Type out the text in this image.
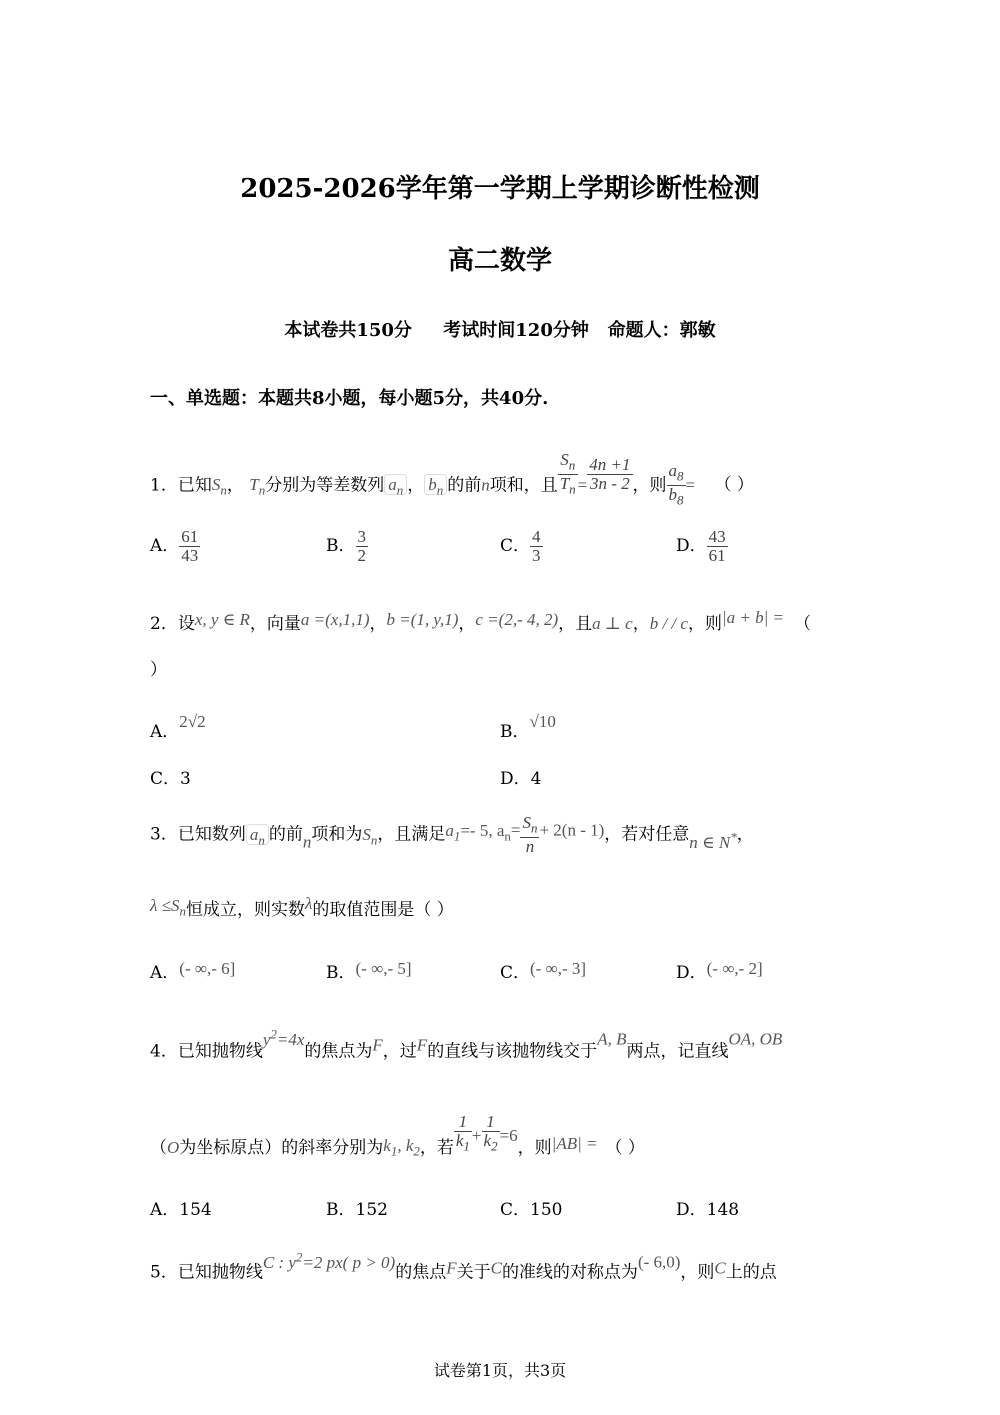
2025-2026学年第一学期上学期诊断性检测
高二数学
本试卷共150分     考试时间120分钟   命题人：郭敏
一、单选题：本题共8小题，每小题5分，共40分.
1．已知$S_n$， $T_n$分别为等差数列 $a_n$ ， $b_n$ 的前n项和，且 $\frac{S_n}{T_n} = \frac{4n +1}{3n - 2}$ ，则 $\frac{a_8}{b_8}$ = （ ）
A． $\frac{61}{43}$	B． $\frac{3}{2}$	C． $\frac{4}{3}$	D． $\frac{43}{61}$
2．设x, y ∈ R，向量a =(x,1,1)，b =(1, y,1)，c =(2,- 4, 2)，且a ⊥ c，b / / c，则|a + b| = （
）
A．2√2
B．√10
C．3	D．4
3．已知数列 $a_n$ 的前n项和为$S_n$，且满足$a_1=-$ 5, $a_n= \frac{S_n}{n} + 2(n - 1)$，若对任意n ∈ N*，
$\lambda \le S_n$恒成立，则实数λ的取值范围是（ ）
A．(- ∞,- 6]	B．(- ∞,- 5]	C．(- ∞,- 3]	D．(- ∞,- 2]
4．已知抛物线$y^2=4x$的焦点为F，过F的直线与该抛物线交于A, B两点，记直线OA, OB
（O为坐标原点）的斜率分别为$k_1$, $k_2$，若 $\frac{1}{k_1} + \frac{1}{k_2} =6$，则|AB| = （ ）
A．154	B．152	C．150	D．148
5．已知抛物线C : $y^2=2$ px( p > 0)的焦点F关于C的准线的对称点为(- 6,0)，则C上的点
试卷第1页，共3页
